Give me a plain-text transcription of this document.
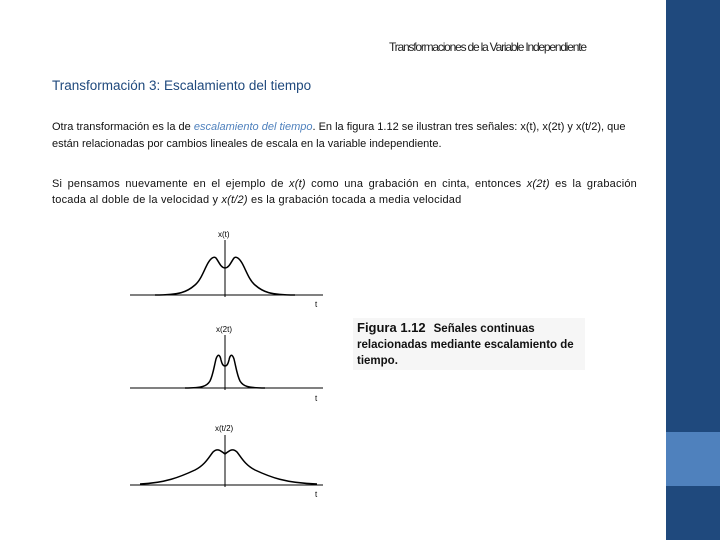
Transformaciones de la Variable Independiente
Transformación 3: Escalamiento del tiempo
Otra transformación es la de escalamiento del tiempo. En la figura 1.12 se ilustran tres señales: x(t), x(2t) y x(t/2), que están relacionadas por cambios lineales de escala en la variable independiente.
Si pensamos nuevamente en el ejemplo de x(t) como una grabación en cinta, entonces x(2t) es la grabación tocada al doble de la velocidad y x(t/2) es la grabación tocada a media velocidad
x(t)
t
x(2t)
t
x(t/2)
t
Figura 1.12 Señales continuas relacionadas mediante escalamiento de tiempo.
